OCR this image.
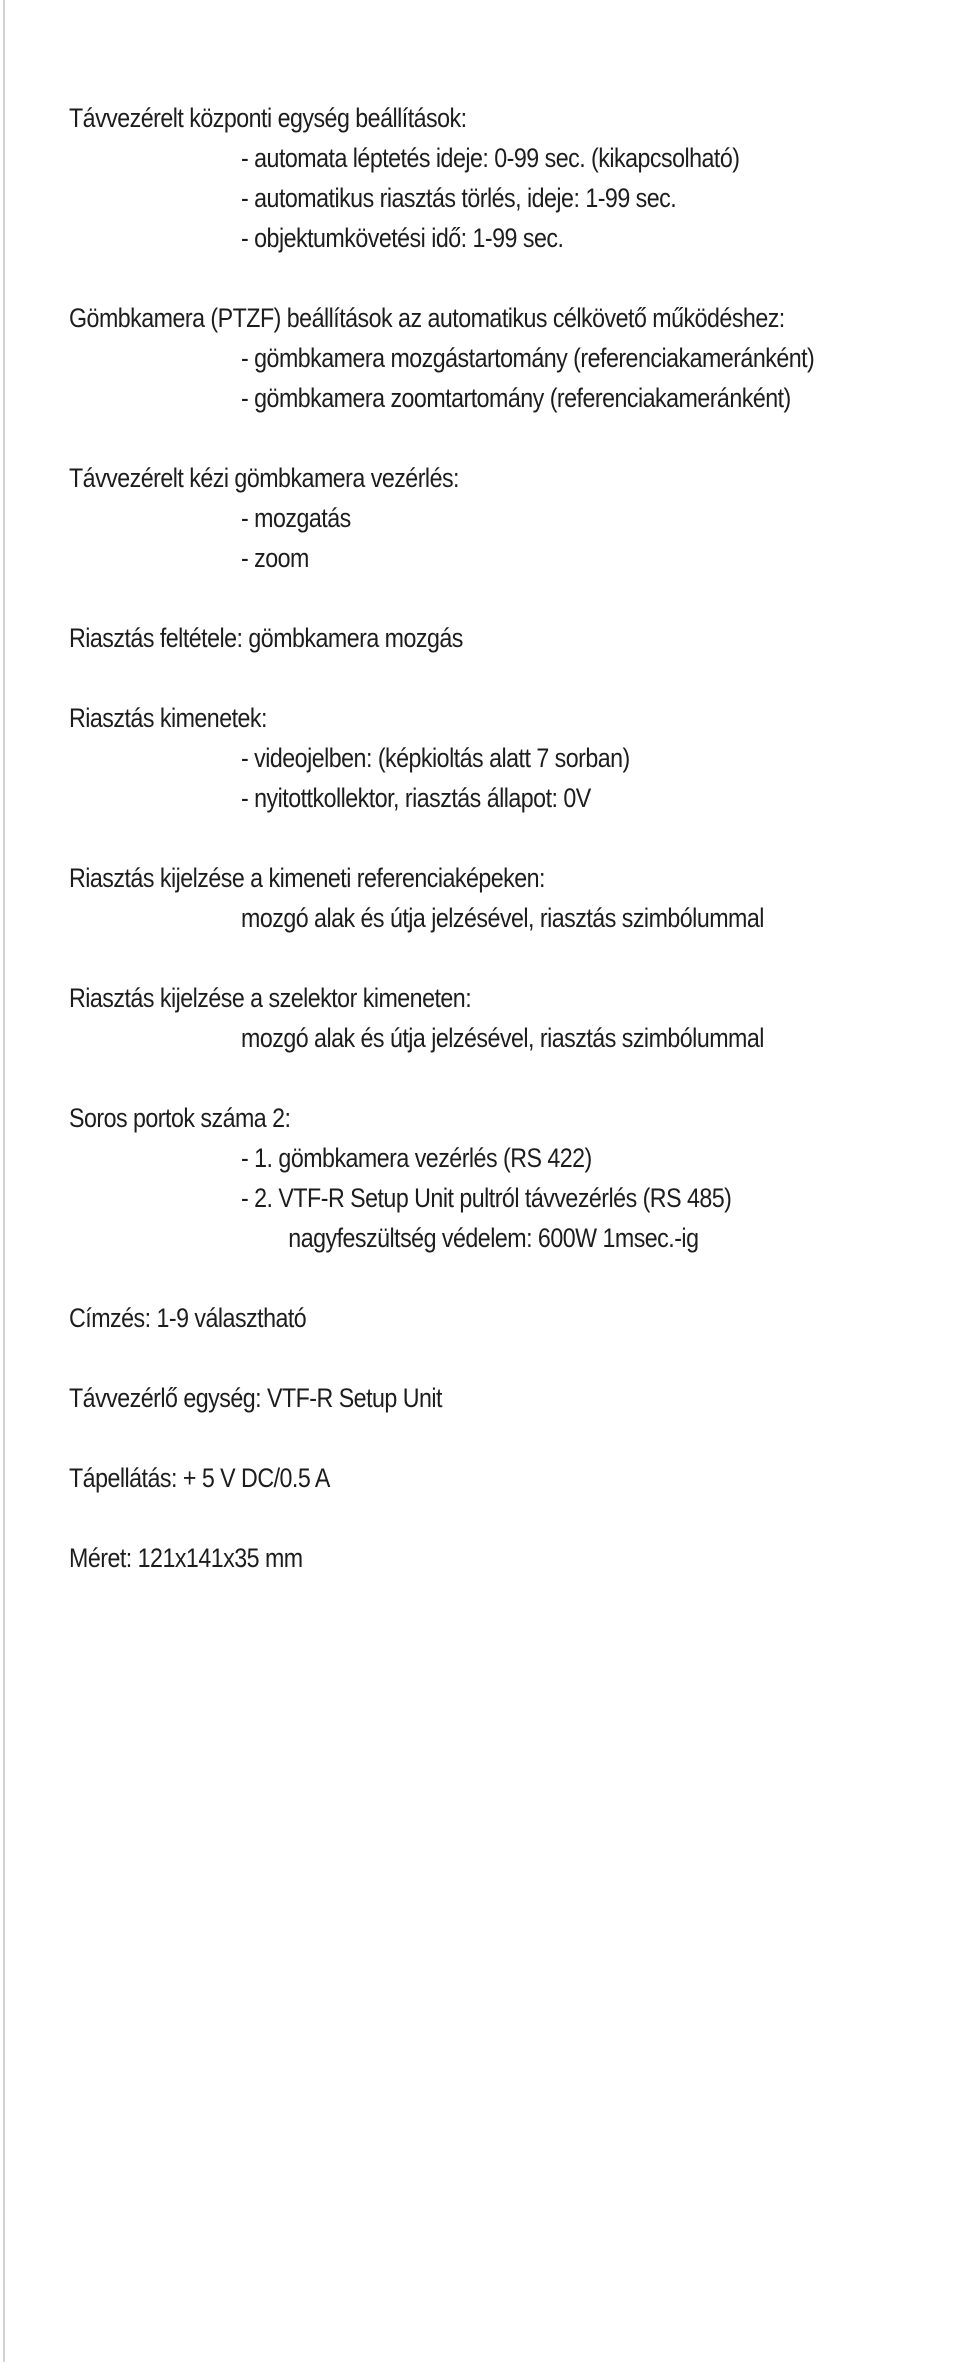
Távvezérelt központi egység beállítások:
- automata léptetés ideje: 0-99 sec. (kikapcsolható)
- automatikus riasztás törlés, ideje: 1-99 sec.
- objektumkövetési idő: 1-99 sec.
Gömbkamera (PTZF) beállítások az automatikus célkövető működéshez:
- gömbkamera mozgástartomány (referenciakameránként)
- gömbkamera zoomtartomány (referenciakameránként)
Távvezérelt kézi gömbkamera vezérlés:
- mozgatás
- zoom
Riasztás feltétele: gömbkamera mozgás
Riasztás kimenetek:
- videojelben: (képkioltás alatt 7 sorban)
- nyitottkollektor, riasztás állapot: 0V
Riasztás kijelzése a kimeneti referenciaképeken:
mozgó alak és útja jelzésével, riasztás szimbólummal
Riasztás kijelzése a szelektor kimeneten:
mozgó alak és útja jelzésével, riasztás szimbólummal
Soros portok száma 2:
- 1. gömbkamera vezérlés (RS 422)
- 2. VTF-R Setup Unit pultról távvezérlés (RS 485)
nagyfeszültség védelem: 600W 1msec.-ig
Címzés: 1-9 választható
Távvezérlő egység: VTF-R Setup Unit
Tápellátás: + 5 V DC/0.5 A
Méret: 121x141x35 mm
